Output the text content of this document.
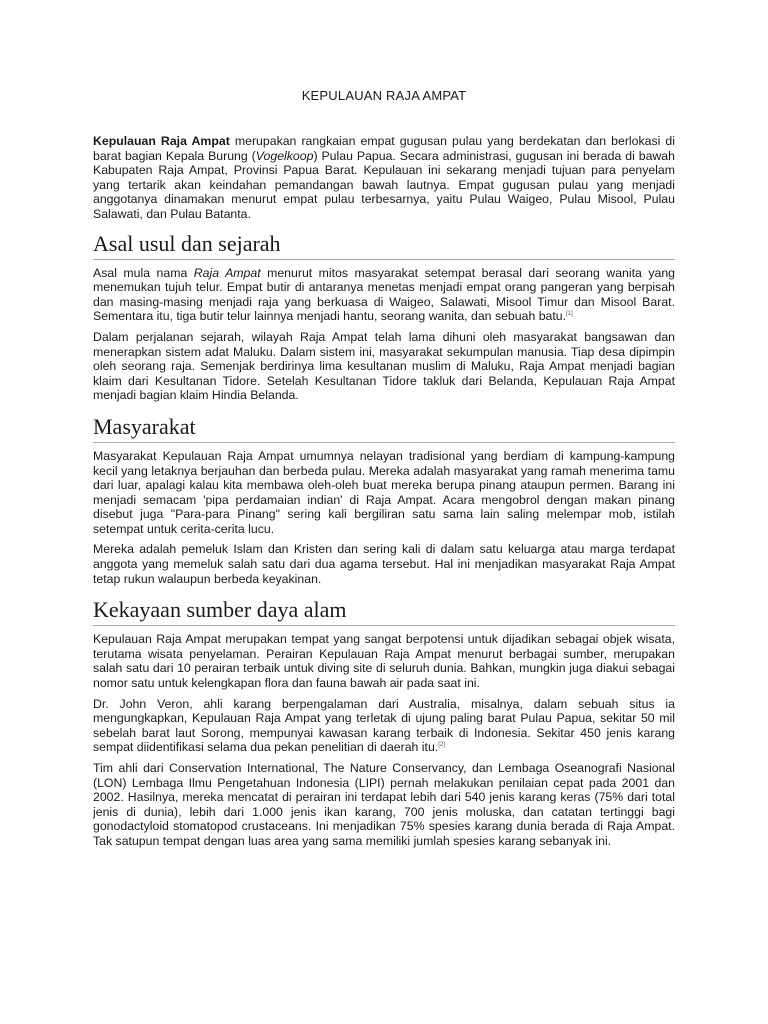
KEPULAUAN RAJA AMPAT

Kepulauan Raja Ampat merupakan rangkaian empat gugusan pulau yang berdekatan dan berlokasi di barat bagian Kepala Burung (Vogelkoop) Pulau Papua. Secara administrasi, gugusan ini berada di bawah Kabupaten Raja Ampat, Provinsi Papua Barat. Kepulauan ini sekarang menjadi tujuan para penyelam yang tertarik akan keindahan pemandangan bawah lautnya. Empat gugusan pulau yang menjadi anggotanya dinamakan menurut empat pulau terbesarnya, yaitu Pulau Waigeo, Pulau Misool, Pulau Salawati, dan Pulau Batanta.

Asal usul dan sejarah

Asal mula nama Raja Ampat menurut mitos masyarakat setempat berasal dari seorang wanita yang menemukan tujuh telur. Empat butir di antaranya menetas menjadi empat orang pangeran yang berpisah dan masing-masing menjadi raja yang berkuasa di Waigeo, Salawati, Misool Timur dan Misool Barat. Sementara itu, tiga butir telur lainnya menjadi hantu, seorang wanita, dan sebuah batu.[1]

Dalam perjalanan sejarah, wilayah Raja Ampat telah lama dihuni oleh masyarakat bangsawan dan menerapkan sistem adat Maluku. Dalam sistem ini, masyarakat sekumpulan manusia. Tiap desa dipimpin oleh seorang raja. Semenjak berdirinya lima kesultanan muslim di Maluku, Raja Ampat menjadi bagian klaim dari Kesultanan Tidore. Setelah Kesultanan Tidore takluk dari Belanda, Kepulauan Raja Ampat menjadi bagian klaim Hindia Belanda.

Masyarakat

Masyarakat Kepulauan Raja Ampat umumnya nelayan tradisional yang berdiam di kampung-kampung kecil yang letaknya berjauhan dan berbeda pulau. Mereka adalah masyarakat yang ramah menerima tamu dari luar, apalagi kalau kita membawa oleh-oleh buat mereka berupa pinang ataupun permen. Barang ini menjadi semacam 'pipa perdamaian indian' di Raja Ampat. Acara mengobrol dengan makan pinang disebut juga "Para-para Pinang" sering kali bergiliran satu sama lain saling melempar mob, istilah setempat untuk cerita-cerita lucu.

Mereka adalah pemeluk Islam dan Kristen dan sering kali di dalam satu keluarga atau marga terdapat anggota yang memeluk salah satu dari dua agama tersebut. Hal ini menjadikan masyarakat Raja Ampat tetap rukun walaupun berbeda keyakinan.

Kekayaan sumber daya alam

Kepulauan Raja Ampat merupakan tempat yang sangat berpotensi untuk dijadikan sebagai objek wisata, terutama wisata penyelaman. Perairan Kepulauan Raja Ampat menurut berbagai sumber, merupakan salah satu dari 10 perairan terbaik untuk diving site di seluruh dunia. Bahkan, mungkin juga diakui sebagai nomor satu untuk kelengkapan flora dan fauna bawah air pada saat ini.

Dr. John Veron, ahli karang berpengalaman dari Australia, misalnya, dalam sebuah situs ia mengungkapkan, Kepulauan Raja Ampat yang terletak di ujung paling barat Pulau Papua, sekitar 50 mil sebelah barat laut Sorong, mempunyai kawasan karang terbaik di Indonesia. Sekitar 450 jenis karang sempat diidentifikasi selama dua pekan penelitian di daerah itu.[2]

Tim ahli dari Conservation International, The Nature Conservancy, dan Lembaga Oseanografi Nasional (LON) Lembaga Ilmu Pengetahuan Indonesia (LIPI) pernah melakukan penilaian cepat pada 2001 dan 2002. Hasilnya, mereka mencatat di perairan ini terdapat lebih dari 540 jenis karang keras (75% dari total jenis di dunia), lebih dari 1.000 jenis ikan karang, 700 jenis moluska, dan catatan tertinggi bagi gonodactyloid stomatopod crustaceans. Ini menjadikan 75% spesies karang dunia berada di Raja Ampat. Tak satupun tempat dengan luas area yang sama memiliki jumlah spesies karang sebanyak ini.
